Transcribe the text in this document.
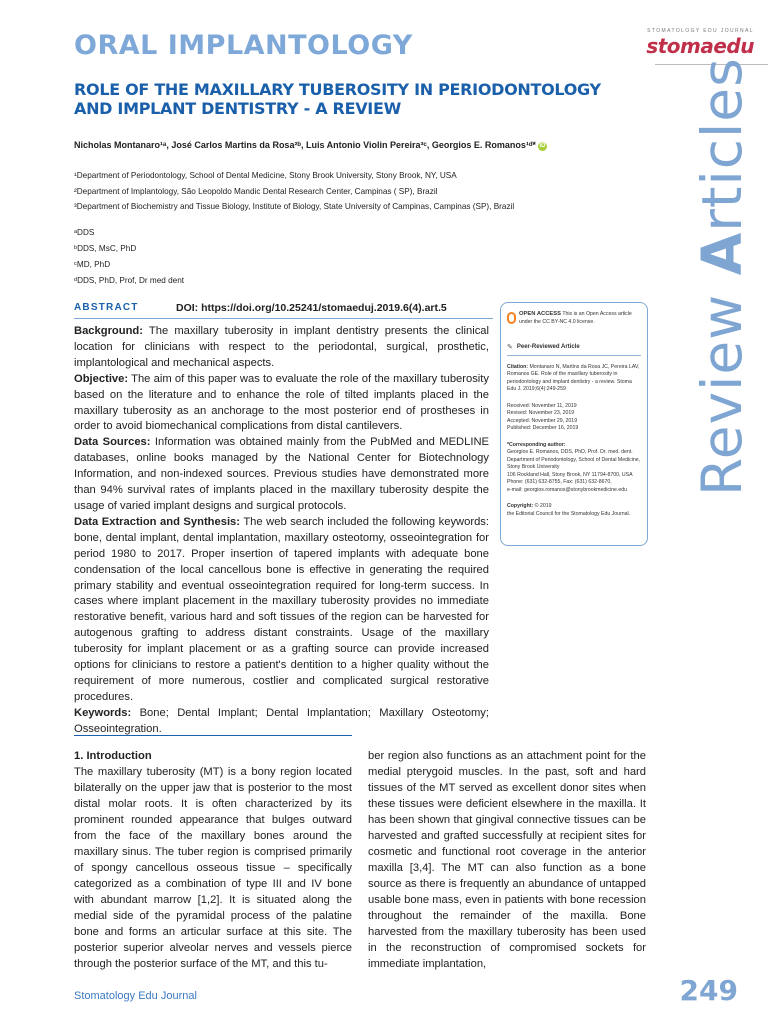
ORAL IMPLANTOLOGY	STOMATOLOGY EDU JOURNAL
stomaedu
Review Articles
ROLE OF THE MAXILLARY TUBEROSITY IN PERIODONTOLOGY AND IMPLANT DENTISTRY - A REVIEW
Nicholas Montanaro¹ᵃ, José Carlos Martins da Rosa²ᵇ, Luis Antonio Violin Pereira³ᶜ, Georgios E. Romanos¹ᵈ* iD
¹Department of Periodontology, School of Dental Medicine, Stony Brook University, Stony Brook, NY, USA
²Department of Implantology, São Leopoldo Mandic Dental Research Center, Campinas ( SP), Brazil
³Department of Biochemistry and Tissue Biology, Institute of Biology, State University of Campinas, Campinas (SP), Brazil
ᵃDDS
ᵇDDS, MsC, PhD
ᶜMD, PhD
ᵈDDS, PhD, Prof, Dr med dent
ABSTRACT	DOI: https://doi.org/10.25241/stomaeduj.2019.6(4).art.5

Background: The maxillary tuberosity in implant dentistry presents the clinical location for clinicians with respect to the periodontal, surgical, prosthetic, implantological and mechanical aspects.

Objective: The aim of this paper was to evaluate the role of the maxillary tuberosity based on the literature and to enhance the role of tilted implants placed in the maxillary tuberosity as an anchorage to the most posterior end of prostheses in order to avoid biomechanical complications from distal cantilevers.

Data Sources: Information was obtained mainly from the PubMed and MEDLINE databases, online books managed by the National Center for Biotechnology Information, and non-indexed sources. Previous studies have demonstrated more than 94% survival rates of implants placed in the maxillary tuberosity despite the usage of varied implant designs and surgical protocols.

Data Extraction and Synthesis: The web search included the following keywords: bone, dental implant, dental implantation, maxillary osteotomy, osseointegration for period 1980 to 2017. Proper insertion of tapered implants with adequate bone condensation of the local cancellous bone is effective in generating the required primary stability and eventual osseointegration required for long-term success. In cases where implant placement in the maxillary tuberosity provides no immediate restorative benefit, various hard and soft tissues of the region can be harvested for autogenous grafting to address distant constraints. Usage of the maxillary tuberosity for implant placement or as a grafting source can provide increased options for clinicians to restore a patient's dentition to a higher quality without the requirement of more numerous, costlier and complicated surgical restorative procedures.

Keywords: Bone; Dental Implant; Dental Implantation; Maxillary Osteotomy; Osseointegration.

OPEN ACCESS This is an Open Access article under the CC BY-NC 4.0 license.
✎ Peer-Reviewed Article
Citation: Montanaro N, Martins da Rosa JC, Pereira LAV, Romanos GE. Role of the maxillary tuberosity in periodontology and implant dentistry - a review. Stoma Edu J. 2019;6(4):249-259
Received: November 11, 2019
Revised: November 23, 2019
Accepted: November 29, 2019
Published: December 16, 2019
*Corresponding author:
Georgios E. Romanos, DDS, PhD, Prof. Dr. med. dent.
Department of Periodontology, School of Dental Medicine,
Stony Brook University
106 Rockland Hall, Stony Brook, NY 11794-8700, USA
Phone: (631) 632-8755, Fax: (631) 632-8670,
e-mail: georgios.romanos@stonybrookmedicine.edu
Copyright: © 2019
the Editorial Council for the Stomatology Edu Journal.
1. Introduction

The maxillary tuberosity (MT) is a bony region located bilaterally on the upper jaw that is posterior to the most distal molar roots. It is often characterized by its prominent rounded appearance that bulges outward from the face of the maxillary bones around the maxillary sinus. The tuber region is comprised primarily of spongy cancellous osseous tissue – specifically categorized as a combination of type III and IV bone with abundant marrow [1,2]. It is situated along the medial side of the pyramidal process of the palatine bone and forms an articular surface at this site. The posterior superior alveolar nerves and vessels pierce through the posterior surface of the MT, and this tu-

ber region also functions as an attachment point for the medial pterygoid muscles. In the past, soft and hard tissues of the MT served as excellent donor sites when these tissues were deficient elsewhere in the maxilla. It has been shown that gingival connective tissues can be harvested and grafted successfully at recipient sites for cosmetic and functional root coverage in the anterior maxilla [3,4]. The MT can also function as a bone source as there is frequently an abundance of untapped usable bone mass, even in patients with bone recession throughout the remainder of the maxilla. Bone harvested from the maxillary tuberosity has been used in the reconstruction of compromised sockets for immediate implantation,

Stomatology Edu Journal	249
